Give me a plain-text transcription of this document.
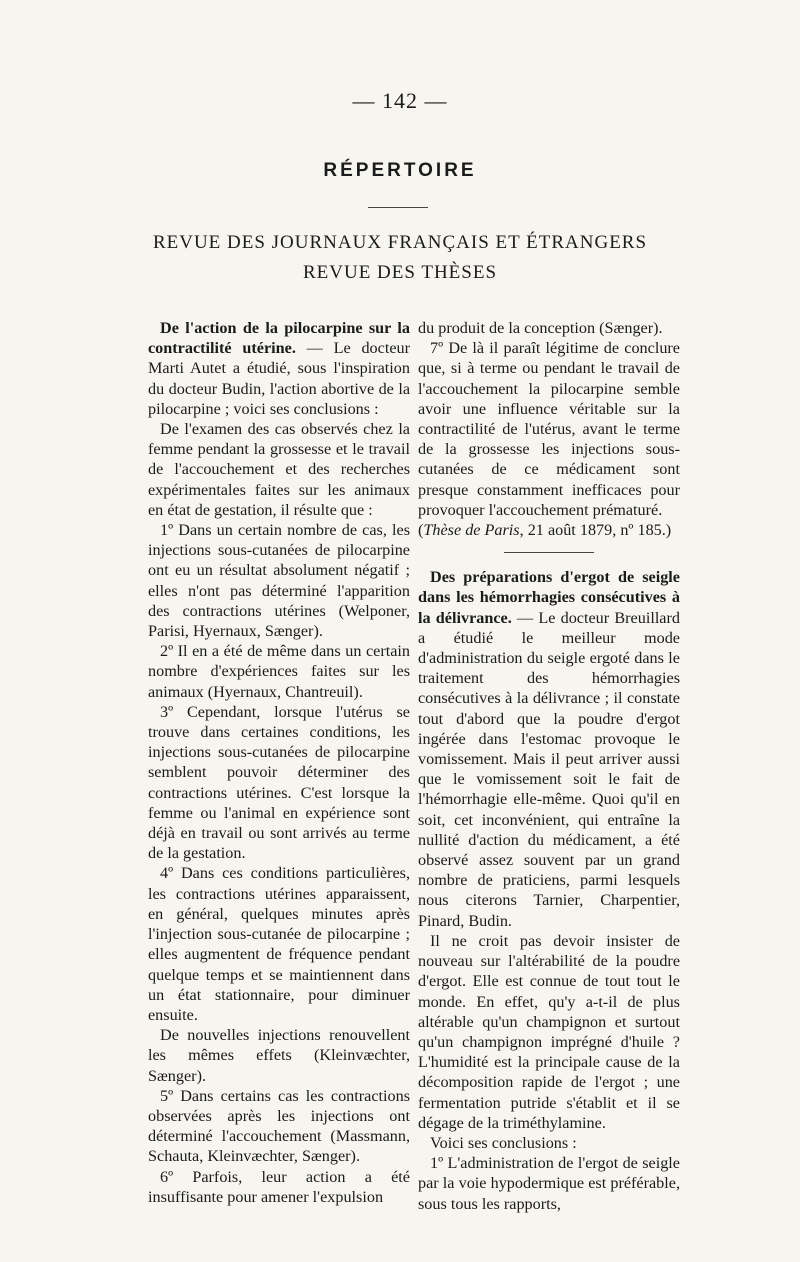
— 142 —
RÉPERTOIRE
REVUE DES JOURNAUX FRANÇAIS ET ÉTRANGERS
REVUE DES THÈSES

De l'action de la pilocarpine sur la contractilité utérine. — Le docteur Marti Autet a étudié, sous l'inspiration du docteur Budin, l'action abortive de la pilocarpine ; voici ses conclusions :

De l'examen des cas observés chez la femme pendant la grossesse et le travail de l'accouchement et des recherches expérimentales faites sur les animaux en état de gestation, il résulte que :

1º Dans un certain nombre de cas, les injections sous-cutanées de pilocarpine ont eu un résultat absolument négatif ; elles n'ont pas déterminé l'apparition des contractions utérines (Welponer, Parisi, Hyernaux, Sænger).

2º Il en a été de même dans un certain nombre d'expériences faites sur les animaux (Hyernaux, Chantreuil).

3º Cependant, lorsque l'utérus se trouve dans certaines conditions, les injections sous-cutanées de pilocarpine semblent pouvoir déterminer des contractions utérines. C'est lorsque la femme ou l'animal en expérience sont déjà en travail ou sont arrivés au terme de la gestation.

4º Dans ces conditions particulières, les contractions utérines apparaissent, en général, quelques minutes après l'injection sous-cutanée de pilocarpine ; elles augmentent de fréquence pendant quelque temps et se maintiennent dans un état stationnaire, pour diminuer ensuite.

De nouvelles injections renouvellent les mêmes effets (Kleinvæchter, Sænger).

5º Dans certains cas les contractions observées après les injections ont déterminé l'accouchement (Massmann, Schauta, Kleinvæchter, Sænger).

6º Parfois, leur action a été insuffisante pour amener l'expulsion

du produit de la conception (Sænger).

7º De là il paraît légitime de conclure que, si à terme ou pendant le travail de l'accouchement la pilocarpine semble avoir une influence véritable sur la contractilité de l'utérus, avant le terme de la grossesse les injections sous-cutanées de ce médicament sont presque constamment inefficaces pour provoquer l'accouchement prématuré.

(Thèse de Paris, 21 août 1879, nº 185.)

Des préparations d'ergot de seigle dans les hémorrhagies consécutives à la délivrance. — Le docteur Breuillard a étudié le meilleur mode d'administration du seigle ergoté dans le traitement des hémorrhagies consécutives à la délivrance ; il constate tout d'abord que la poudre d'ergot ingérée dans l'estomac provoque le vomissement. Mais il peut arriver aussi que le vomissement soit le fait de l'hémorrhagie elle-même. Quoi qu'il en soit, cet inconvénient, qui entraîne la nullité d'action du médicament, a été observé assez souvent par un grand nombre de praticiens, parmi lesquels nous citerons Tarnier, Charpentier, Pinard, Budin.

Il ne croit pas devoir insister de nouveau sur l'altérabilité de la poudre d'ergot. Elle est connue de tout tout le monde. En effet, qu'y a-t-il de plus altérable qu'un champignon et surtout qu'un champignon imprégné d'huile ? L'humidité est la principale cause de la décomposition rapide de l'ergot ; une fermentation putride s'établit et il se dégage de la triméthylamine.

Voici ses conclusions :

1º L'administration de l'ergot de seigle par la voie hypodermique est préférable, sous tous les rapports,
